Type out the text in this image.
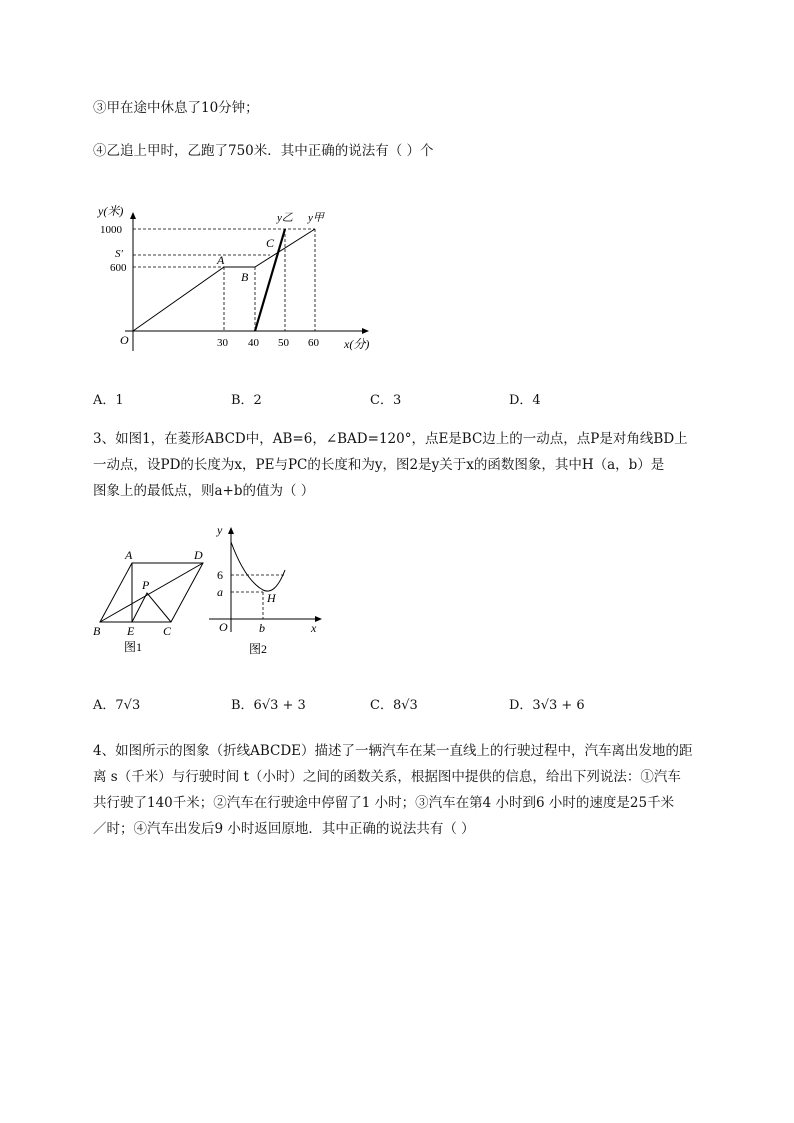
③甲在途中休息了10分钟；
④乙追上甲时，乙跑了750米．其中正确的说法有（ ）个
y(米)
x(分)
O
1000
S′
600
30 40 50 60
A
B
C
y乙 y甲
A．1	B．2	C．3	D．4
3、如图1，在菱形ABCD中，AB=6，∠BAD=120°，点E是BC边上的一动点，点P是对角线BD上
一动点，设PD的长度为x，PE与PC的长度和为y，图2是y关于x的函数图象，其中H（a，b）是
图象上的最低点，则a+b的值为（ ）
A	D
P
B E C
图1
y
6
a	H
O	b	x
图2
A．7√3	B．6√3 + 3	C．8√3	D．3√3 + 6
4、如图所示的图象（折线ABCDE）描述了一辆汽车在某一直线上的行驶过程中，汽车离出发地的距
离 s（千米）与行驶时间 t（小时）之间的函数关系，根据图中提供的信息，给出下列说法：①汽车
共行驶了140千米；②汽车在行驶途中停留了1 小时；③汽车在第4 小时到6 小时的速度是25千米
／时；④汽车出发后9 小时返回原地．其中正确的说法共有（ ）
